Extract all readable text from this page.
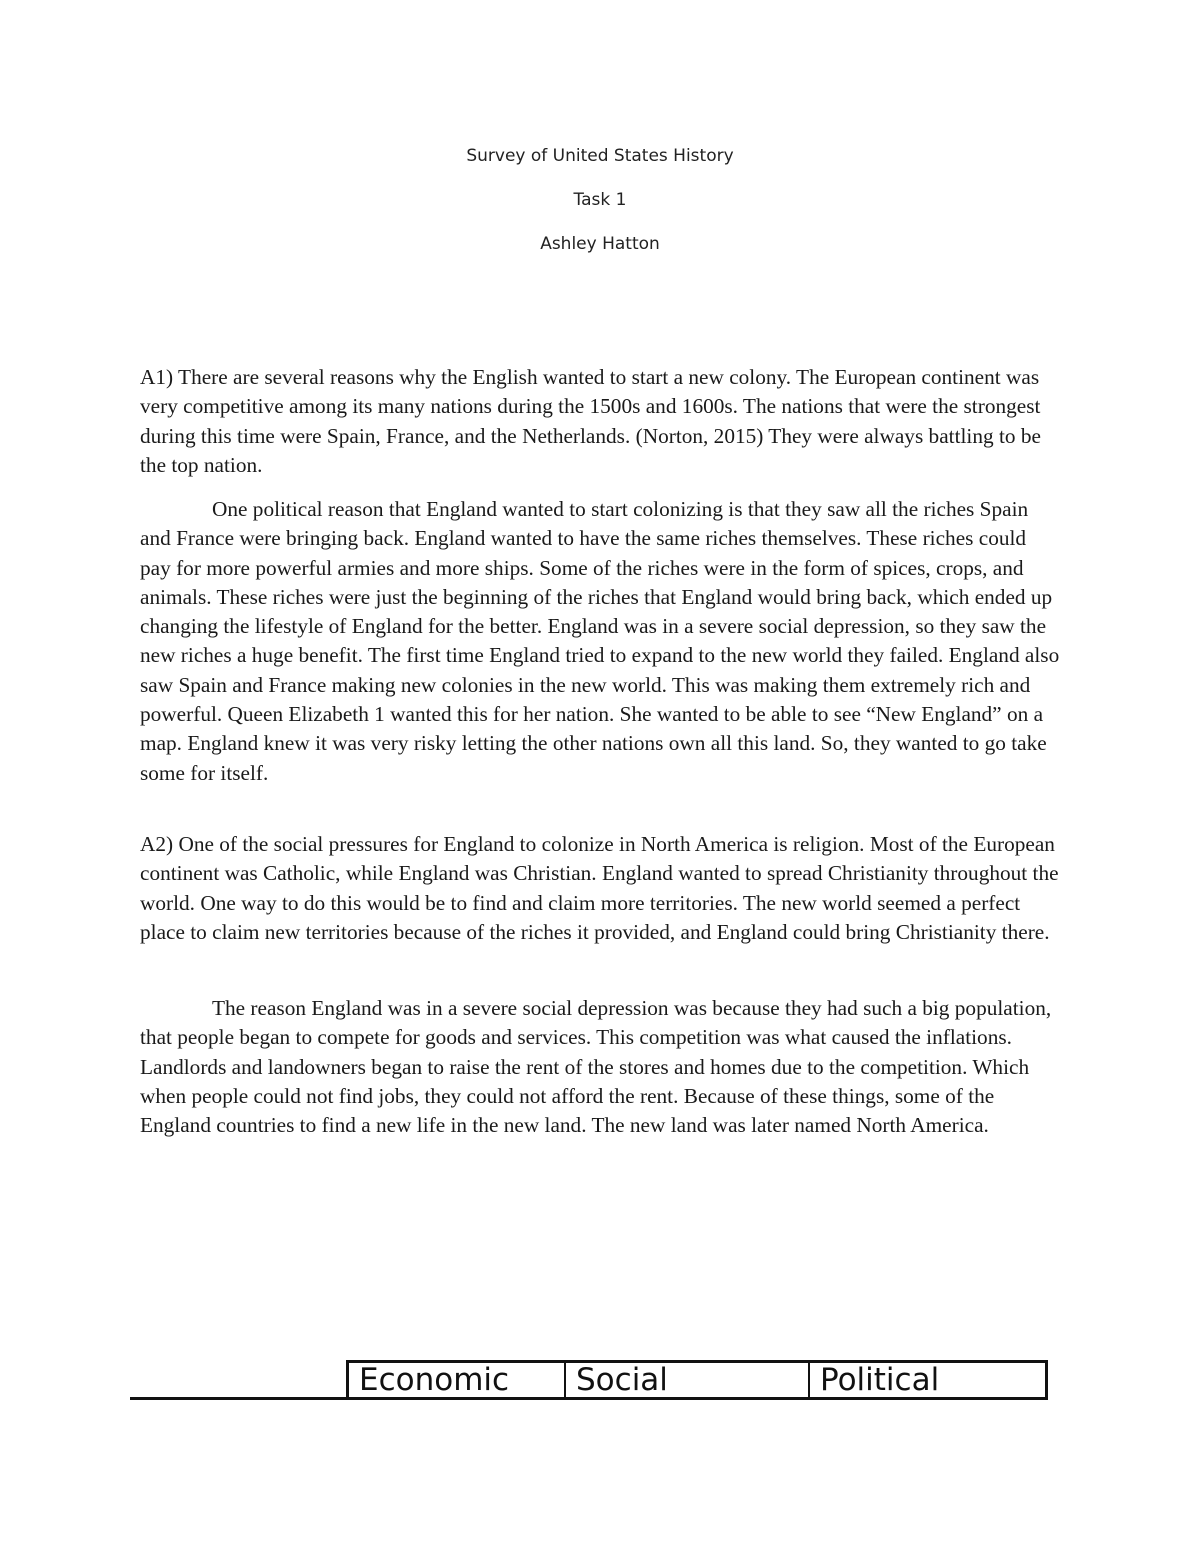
Survey of United States History
Task 1
Ashley Hatton

A1) There are several reasons why the English wanted to start a new colony. The European continent was very competitive among its many nations during the 1500s and 1600s. The nations that were the strongest during this time were Spain, France, and the Netherlands. (Norton, 2015) They were always battling to be the top nation.

One political reason that England wanted to start colonizing is that they saw all the riches Spain and France were bringing back. England wanted to have the same riches themselves. These riches could pay for more powerful armies and more ships. Some of the riches were in the form of spices, crops, and animals. These riches were just the beginning of the riches that England would bring back, which ended up changing the lifestyle of England for the better. England was in a severe social depression, so they saw the new riches a huge benefit. The first time England tried to expand to the new world they failed. England also saw Spain and France making new colonies in the new world. This was making them extremely rich and powerful. Queen Elizabeth 1 wanted this for her nation. She wanted to be able to see “New England” on a map. England knew it was very risky letting the other nations own all this land. So, they wanted to go take some for itself.

A2) One of the social pressures for England to colonize in North America is religion. Most of the European continent was Catholic, while England was Christian. England wanted to spread Christianity throughout the world. One way to do this would be to find and claim more territories. The new world seemed a perfect place to claim new territories because of the riches it provided, and England could bring Christianity there.

The reason England was in a severe social depression was because they had such a big population, that people began to compete for goods and services. This competition was what caused the inflations. Landlords and landowners began to raise the rent of the stores and homes due to the competition. Which when people could not find jobs, they could not afford the rent. Because of these things, some of the England countries to find a new life in the new land. The new land was later named North America.

Economic	Social	Political
